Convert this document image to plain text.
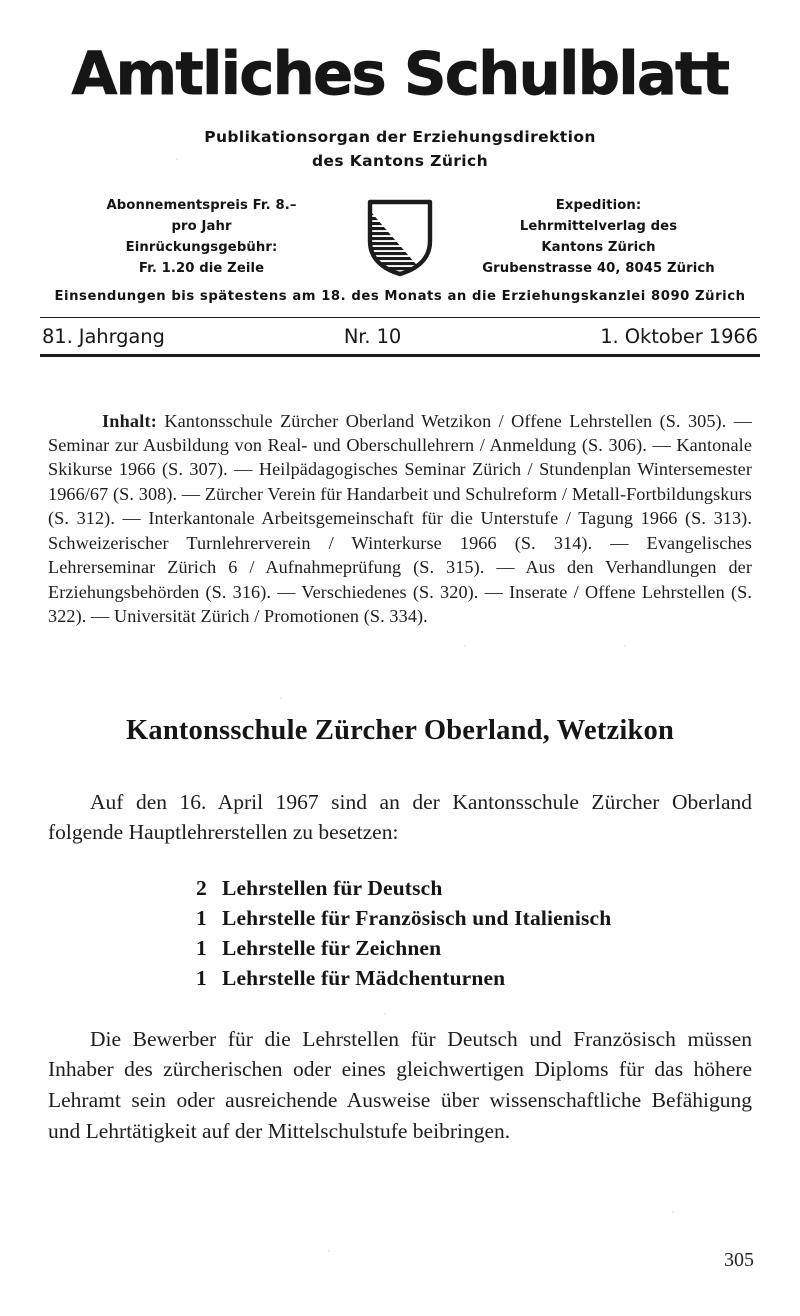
Amtliches Schulblatt
Publikationsorgan der Erziehungsdirektion
des Kantons Zürich
Abonnementspreis Fr. 8.–
pro Jahr
Einrückungsgebühr:
Fr. 1.20 die Zeile
Expedition:
Lehrmittelverlag des
Kantons Zürich
Grubenstrasse 40, 8045 Zürich
Einsendungen bis spätestens am 18. des Monats an die Erziehungskanzlei 8090 Zürich
81. Jahrgang	Nr. 10	1. Oktober 1966

Inhalt: Kantonsschule Zürcher Oberland Wetzikon / Offene Lehrstellen (S. 305). — Seminar zur Ausbildung von Real- und Oberschullehrern / Anmeldung (S. 306). — Kantonale Skikurse 1966 (S. 307). — Heilpädagogisches Seminar Zürich / Stundenplan Wintersemester 1966/67 (S. 308). — Zürcher Verein für Handarbeit und Schulreform / Metall-Fortbildungskurs (S. 312). — Interkantonale Arbeitsgemeinschaft für die Unterstufe / Tagung 1966 (S. 313). Schweizerischer Turnlehrerverein / Winterkurse 1966 (S. 314). — Evangelisches Lehrerseminar Zürich 6 / Aufnahmeprüfung (S. 315). — Aus den Verhandlungen der Erziehungsbehörden (S. 316). — Verschiedenes (S. 320). — Inserate / Offene Lehrstellen (S. 322). — Universität Zürich / Promotionen (S. 334).

Kantonsschule Zürcher Oberland, Wetzikon

Auf den 16. April 1967 sind an der Kantonsschule Zürcher Oberland folgende Hauptlehrerstellen zu besetzen:

2 Lehrstellen für Deutsch
1 Lehrstelle für Französisch und Italienisch
1 Lehrstelle für Zeichnen
1 Lehrstelle für Mädchenturnen

Die Bewerber für die Lehrstellen für Deutsch und Französisch müssen Inhaber des zürcherischen oder eines gleichwertigen Diploms für das höhere Lehramt sein oder ausreichende Ausweise über wissenschaftliche Befähigung und Lehrtätigkeit auf der Mittelschulstufe beibringen.

305
